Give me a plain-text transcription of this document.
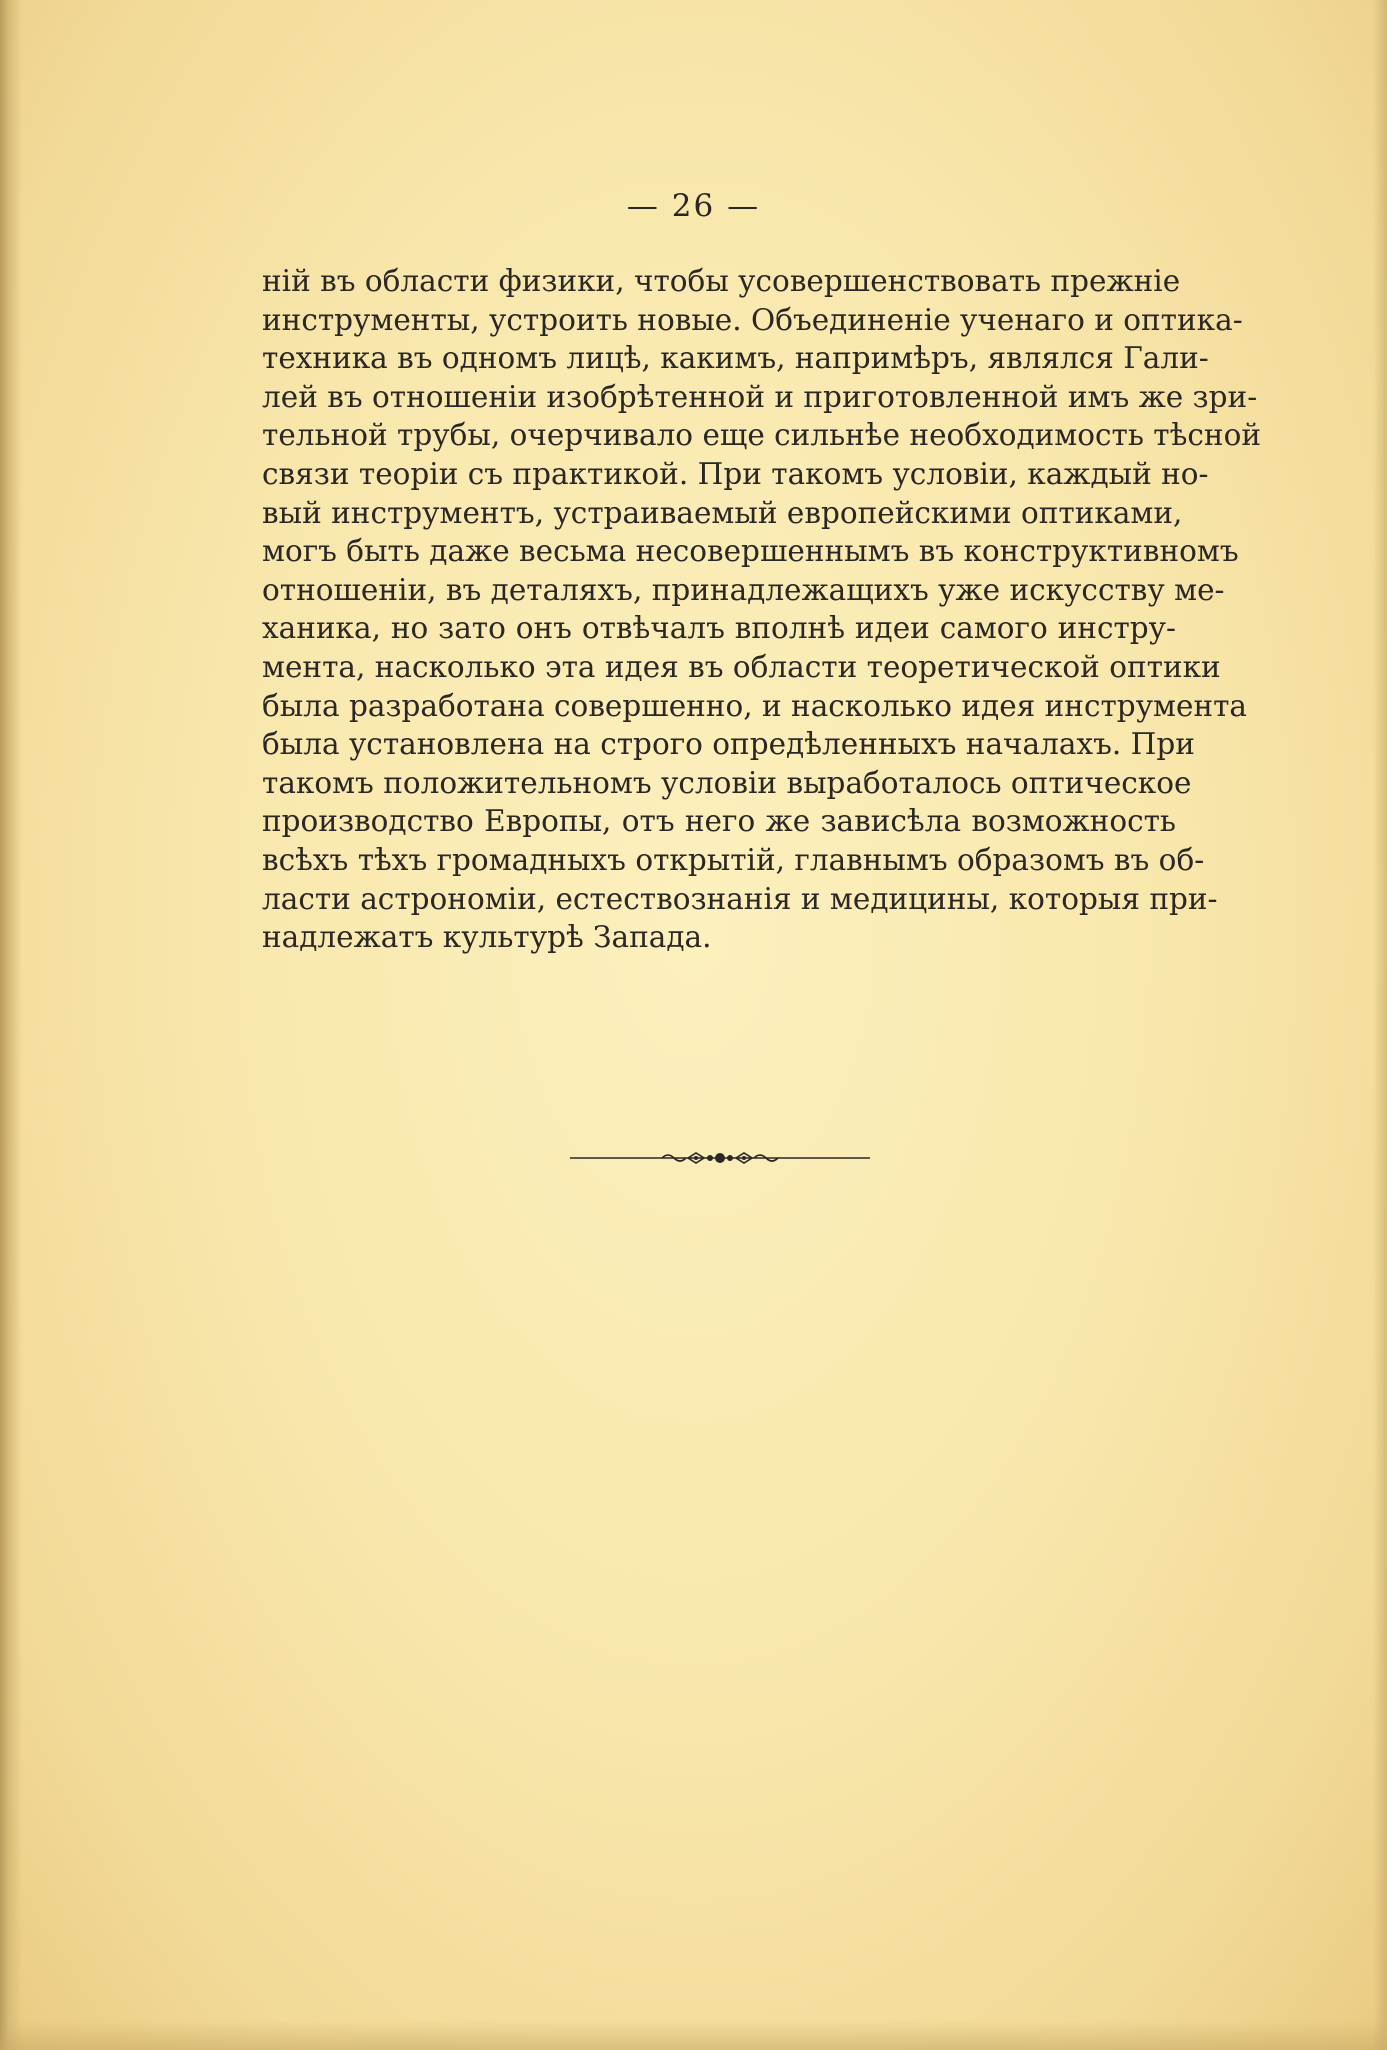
— 26 —
ній въ области физики, чтобы усовершенствовать прежніе
инструменты, устроить новые. Объединеніе ученаго и оптика-
техника въ одномъ лицѣ, какимъ, напримѣръ, являлся Гали-
лей въ отношеніи изобрѣтенной и приготовленной имъ же зри-
тельной трубы, очерчивало еще сильнѣе необходимость тѣсной
связи теоріи съ практикой. При такомъ условіи, каждый но-
вый инструментъ, устраиваемый европейскими оптиками,
могъ быть даже весьма несовершеннымъ въ конструктивномъ
отношеніи, въ деталяхъ, принадлежащихъ уже искусству ме-
ханика, но зато онъ отвѣчалъ вполнѣ идеи самого инстру-
мента, насколько эта идея въ области теоретической оптики
была разработана совершенно, и насколько идея инструмента
была установлена на строго опредѣленныхъ началахъ. При
такомъ положительномъ условіи выработалось оптическое
производство Европы, отъ него же зависѣла возможность
всѣхъ тѣхъ громадныхъ открытій, главнымъ образомъ въ об-
ласти астрономіи, естествознанія и медицины, которыя при-
надлежатъ культурѣ Запада.
